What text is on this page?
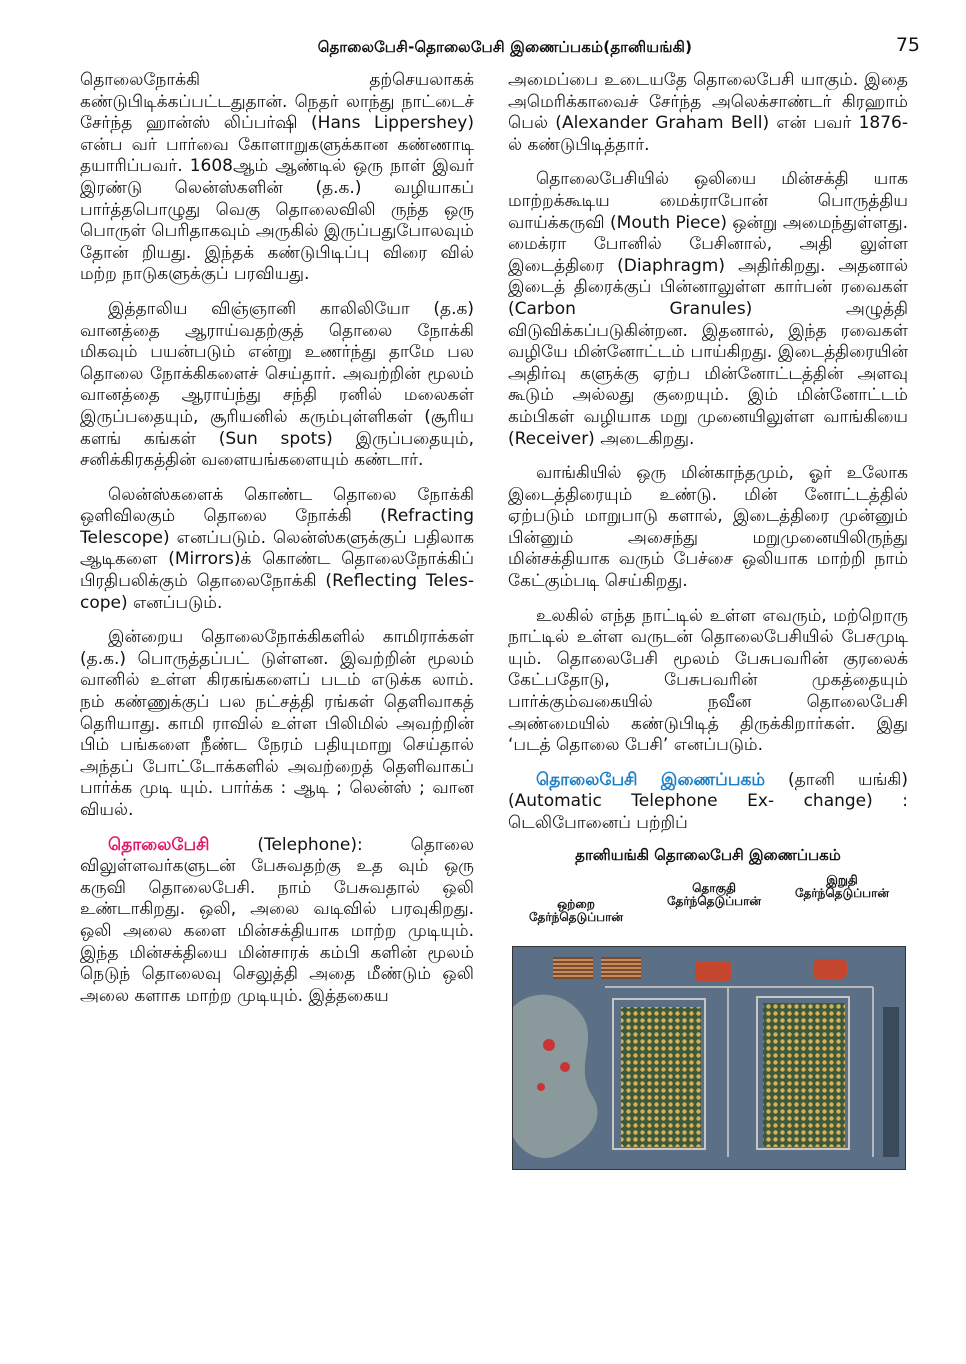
தொலைபேசி-தொலைபேசி இணைப்பகம்(தானியங்கி)	75

தொலைநோக்கி தற்செயலாகக் கண்டுபிடிக்கப்பட்டதுதான். நெதர் லாந்து நாட்டைச் சேர்ந்த ஹான்ஸ் லிப்பர்ஷி (Hans Lippershey) என்ப வர் பார்வை கோளாறுகளுக்கான கண்ணாடி தயாரிப்பவர். 1608ஆம் ஆண்டில் ஒரு நாள் இவர் இரண்டு லென்ஸ்களின் (த.க.) வழியாகப் பார்த்தபொழுது வெகு தொலைவிலி ருந்த ஒரு பொருள் பெரிதாகவும் அருகில் இருப்பதுபோலவும் தோன் றியது. இந்தக் கண்டுபிடிப்பு விரை வில் மற்ற நாடுகளுக்குப் பரவியது.

இத்தாலிய விஞ்ஞானி காலிலியோ (த.க) வானத்தை ஆராய்வதற்குத் தொலை நோக்கி மிகவும் பயன்படும் என்று உணர்ந்து தாமே பல தொலை நோக்கிகளைச் செய்தார். அவற்றின் மூலம் வானத்தை ஆராய்ந்து சந்தி ரனில் மலைகள் இருப்பதையும், சூரியனில் கரும்புள்ளிகள் (சூரிய களங் கங்கள் (Sun spots) இருப்பதையும், சனிக்கிரகத்தின் வளையங்களையும் கண்டார்.

லென்ஸ்களைக் கொண்ட தொலை நோக்கி ஒளிவிலகும் தொலை நோக்கி (Refracting Telescope) எனப்படும். லென்ஸ்களுக்குப் பதிலாக ஆடிகளை (Mirrors)க் கொண்ட தொலைநோக்கிப் பிரதிபலிக்கும் தொலைநோக்கி (Reflecting Teles- cope) எனப்படும்.

இன்றைய தொலைநோக்கிகளில் காமிராக்கள் (த.க.) பொருத்தப்பட் டுள்ளன. இவற்றின் மூலம் வானில் உள்ள கிரகங்களைப் படம் எடுக்க லாம். நம் கண்ணுக்குப் பல நட்சத்தி ரங்கள் தெளிவாகத் தெரியாது. காமி ராவில் உள்ள பிலிமில் அவற்றின் பிம் பங்களை நீண்ட நேரம் பதியுமாறு செய்தால் அந்தப் போட்டோக்களில் அவற்றைத் தெளிவாகப் பார்க்க முடி யும். பார்க்க : ஆடி ; லென்ஸ் ; வான வியல்.

தொலைபேசி (Telephone): தொலை விலுள்ளவர்களுடன் பேசுவதற்கு உத வும் ஒரு கருவி தொலைபேசி. நாம் பேசுவதால் ஒலி உண்டாகிறது. ஒலி, அலை வடிவில் பரவுகிறது. ஒலி அலை களை மின்சக்தியாக மாற்ற முடியும். இந்த மின்சக்தியை மின்சாரக் கம்பி களின் மூலம் நெடுந் தொலைவு செலுத்தி அதை மீண்டும் ஒலி அலை களாக மாற்ற முடியும். இத்தகைய

அமைப்பை உடையதே தொலைபேசி யாகும். இதை அமெரிக்காவைச் சேர்ந்த அலெக்சாண்டர் கிரஹாம் பெல் (Alexander Graham Bell) என் பவர் 1876-ல் கண்டுபிடித்தார்.

தொலைபேசியில் ஒலியை மின்சக்தி யாக மாற்றக்கூடிய மைக்ராபோன் பொருத்திய வாய்க்கருவி (Mouth Piece) ஒன்று அமைந்துள்ளது. மைக்ரா போனில் பேசினால், அதி லுள்ள இடைத்திரை (Diaphragm) அதிர்கிறது. அதனால் இடைத் திரைக்குப் பின்னாலுள்ள கார்பன் ரவைகள் (Carbon Granules) அழுத்தி விடுவிக்கப்படுகின்றன. இதனால், இந்த ரவைகள் வழியே மின்னோட்டம் பாய்கிறது. இடைத்திரையின் அதிர்வு களுக்கு ஏற்ப மின்னோட்டத்தின் அளவு கூடும் அல்லது குறையும். இம் மின்னோட்டம் கம்பிகள் வழியாக மறு முனையிலுள்ள வாங்கியை (Receiver) அடைகிறது.

வாங்கியில் ஒரு மின்காந்தமும், ஓர் உலோக இடைத்திரையும் உண்டு. மின் னோட்டத்தில் ஏற்படும் மாறுபாடு களால், இடைத்திரை முன்னும் பின்னும் அசைந்து மறுமுனையிலிருந்து மின்சக்தியாக வரும் பேச்சை ஒலியாக மாற்றி நாம் கேட்கும்படி செய்கிறது.

உலகில் எந்த நாட்டில் உள்ள எவரும், மற்றொரு நாட்டில் உள்ள வருடன் தொலைபேசியில் பேசமுடி யும். தொலைபேசி மூலம் பேசுபவரின் குரலைக் கேட்பதோடு, பேசுபவரின் முகத்தையும் பார்க்கும்வகையில் நவீன தொலைபேசி அண்மையில் கண்டுபிடித் திருக்கிறார்கள். இது ‘படத் தொலை பேசி’ எனப்படும்.

தொலைபேசி இணைப்பகம் (தானி யங்கி) (Automatic Telephone Ex- change) : டெலிபோனைப் பற்றிப்

தானியங்கி தொலைபேசி இணைப்பகம்
ஒற்றை
தேர்ந்தெடுப்பான்
தொகுதி
தேர்ந்தெடுப்பான்
இறுதி
தேர்ந்தெடுப்பான்
